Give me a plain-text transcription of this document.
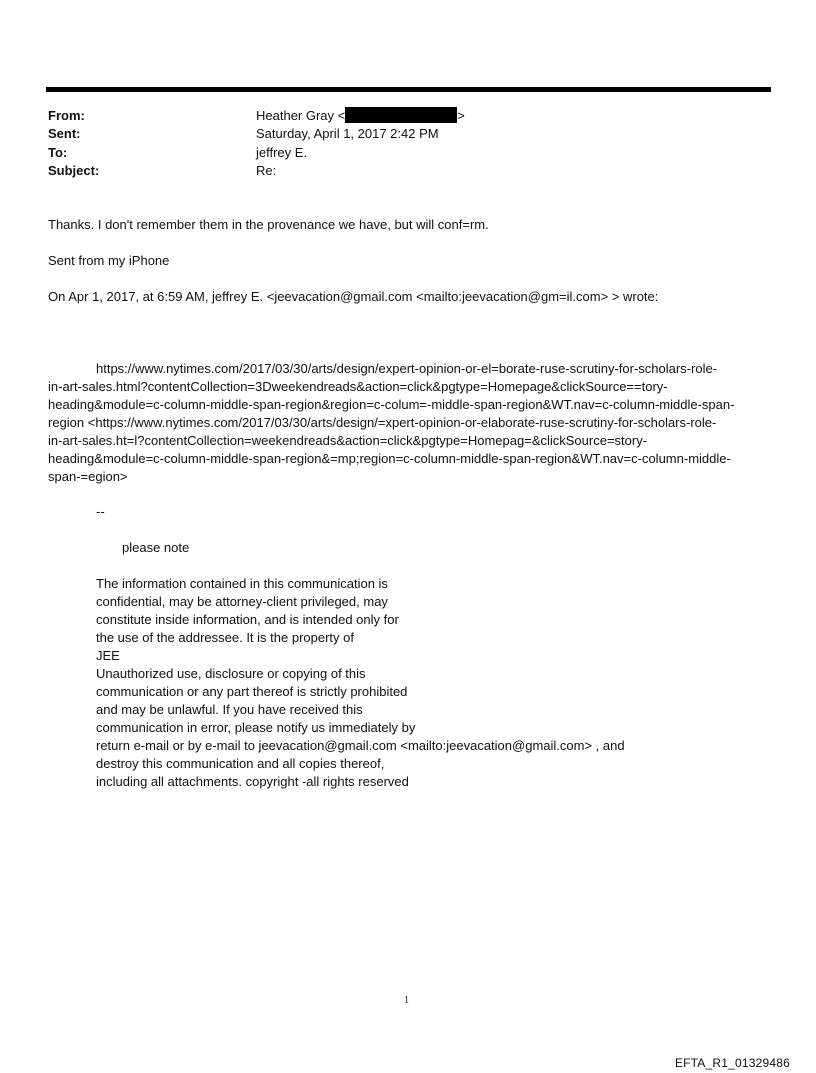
From:	Heather Gray <	>
Sent:	Saturday, April 1, 2017 2:42 PM
To:	jeffrey E.
Subject:	Re:
Thanks. I don't remember them in the provenance we have, but will conf=rm.
Sent from my iPhone
On Apr 1, 2017, at 6:59 AM, jeffrey E. <jeevacation@gmail.com <mailto:jeevacation@gm=il.com> > wrote:
https://www.nytimes.com/2017/03/30/arts/design/expert-opinion-or-el=borate-ruse-scrutiny-for-scholars-role-
in-art-sales.html?contentCollection=3Dweekendreads&action=click&pgtype=Homepage&clickSource==tory-
heading&module=c-column-middle-span-region&region=c-colum=-middle-span-region&WT.nav=c-column-middle-span-
region <https://www.nytimes.com/2017/03/30/arts/design/=xpert-opinion-or-elaborate-ruse-scrutiny-for-scholars-role-
in-art-sales.ht=l?contentCollection=weekendreads&action=click&pgtype=Homepag=&clickSource=story-
heading&module=c-column-middle-span-region&=mp;region=c-column-middle-span-region&WT.nav=c-column-middle-
span-=egion>
--
please note
The information contained in this communication is
confidential, may be attorney-client privileged, may
constitute inside information, and is intended only for
the use of the addressee. It is the property of
JEE
Unauthorized use, disclosure or copying of this
communication or any part thereof is strictly prohibited
and may be unlawful. If you have received this
communication in error, please notify us immediately by
return e-mail or by e-mail to jeevacation@gmail.com <mailto:jeevacation@gmail.com> , and
destroy this communication and all copies thereof,
including all attachments. copyright -all rights reserved
1
EFTA_R1_01329486
